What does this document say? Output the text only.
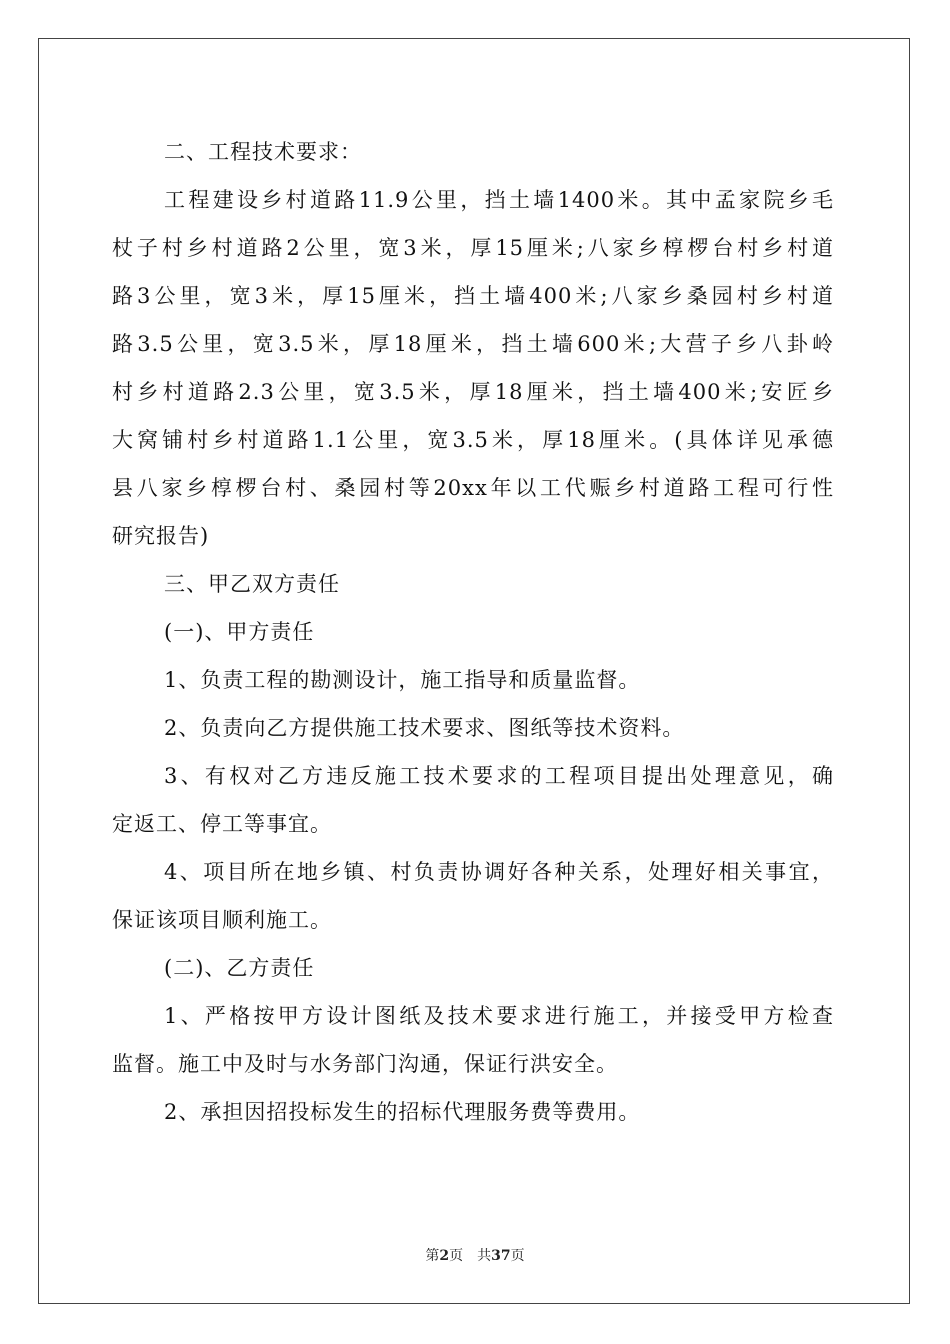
二、工程技术要求：
工程建设乡村道路11.9公里，挡土墙1400米。其中孟家院乡毛
杖子村乡村道路2公里，宽3米，厚15厘米;八家乡椁椤台村乡村道
路3公里，宽3米，厚15厘米，挡土墙400米;八家乡桑园村乡村道
路3.5公里，宽3.5米，厚18厘米，挡土墙600米;大营子乡八卦岭
村乡村道路2.3公里，宽3.5米，厚18厘米，挡土墙400米;安匠乡
大窝铺村乡村道路1.1公里，宽3.5米，厚18厘米。(具体详见承德
县八家乡椁椤台村、桑园村等20xx年以工代赈乡村道路工程可行性
研究报告)
三、甲乙双方责任
(一)、甲方责任
1、负责工程的勘测设计，施工指导和质量监督。
2、负责向乙方提供施工技术要求、图纸等技术资料。
3、有权对乙方违反施工技术要求的工程项目提出处理意见，确
定返工、停工等事宜。
4、项目所在地乡镇、村负责协调好各种关系，处理好相关事宜，
保证该项目顺利施工。
(二)、乙方责任
1、严格按甲方设计图纸及技术要求进行施工，并接受甲方检查
监督。施工中及时与水务部门沟通，保证行洪安全。
2、承担因招投标发生的招标代理服务费等费用。
第2页　共37页
